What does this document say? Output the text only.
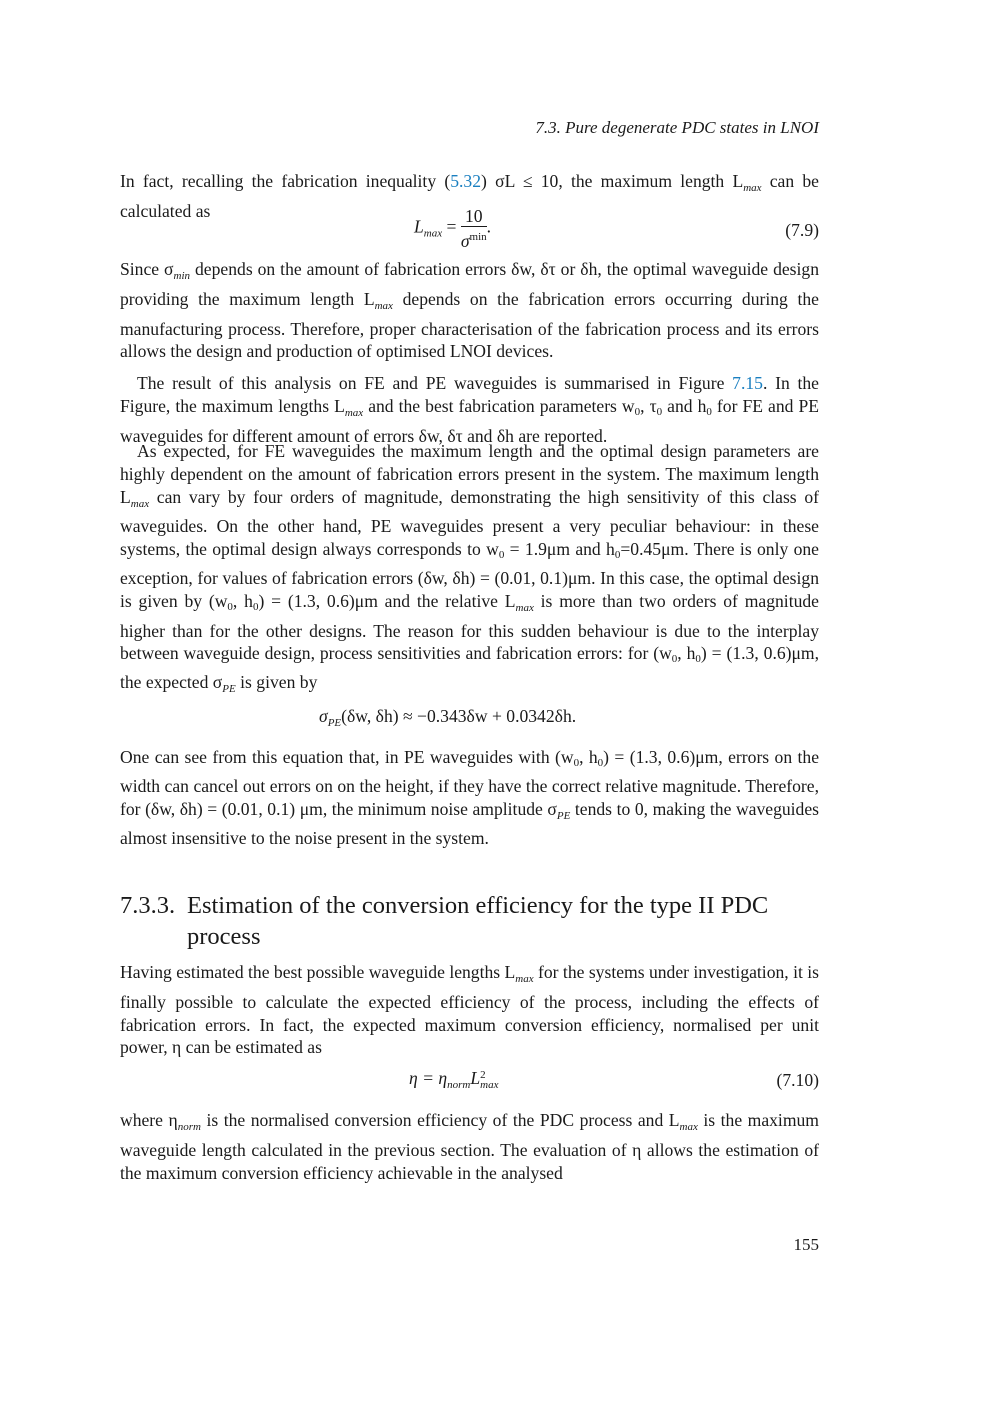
7.3. Pure degenerate PDC states in LNOI

In fact, recalling the fabrication inequality (5.32) σL ≤ 10, the maximum length $L_{max}$ can be calculated as

$L_{max} = \frac{10}{\sigma^{min}}$ .	(7.9)

Since $\sigma_{min}$ depends on the amount of fabrication errors δw, δτ or δh, the optimal waveguide design providing the maximum length $L_{max}$ depends on the fabrication errors occurring during the manufacturing process. Therefore, proper characterisation of the fabrication process and its errors allows the design and production of optimised LNOI devices.

The result of this analysis on FE and PE waveguides is summarised in Figure 7.15. In the Figure, the maximum lengths $L_{max}$ and the best fabrication parameters w0, τ0 and h0 for FE and PE waveguides for different amount of errors δw, δτ and δh are reported.

As expected, for FE waveguides the maximum length and the optimal design parameters are highly dependent on the amount of fabrication errors present in the system. The maximum length $L_{max}$ can vary by four orders of magnitude, demonstrating the high sensitivity of this class of waveguides. On the other hand, PE waveguides present a very peculiar behaviour: in these systems, the optimal design always corresponds to w0 = 1.9μm and h0=0.45μm. There is only one exception, for values of fabrication errors (δw, δh) = (0.01, 0.1)μm. In this case, the optimal design is given by (w0, h0) = (1.3, 0.6)μm and the relative $L_{max}$ is more than two orders of magnitude higher than for the other designs. The reason for this sudden behaviour is due to the interplay between waveguide design, process sensitivities and fabrication errors: for (w0, h0) = (1.3, 0.6)μm, the expected $\sigma_{PE}$ is given by

$\sigma_{PE}(\delta w$, δh) ≈ −0.343δw + 0.0342δh.

One can see from this equation that, in PE waveguides with (w0, h0) = (1.3, 0.6)μm, errors on the width can cancel out errors on on the height, if they have the correct relative magnitude. Therefore, for (δw, δh) = (0.01, 0.1) μm, the minimum noise amplitude $\sigma_{PE}$ tends to 0, making the waveguides almost insensitive to the noise present in the system.

7.3.3. Estimation of the conversion efficiency for the type II PDC process

Having estimated the best possible waveguide lengths $L_{max}$ for the systems under investigation, it is finally possible to calculate the expected efficiency of the process, including the effects of fabrication errors. In fact, the expected maximum conversion efficiency, normalised per unit power, η can be estimated as

$\eta = \eta_{norm}L$ 2
max	(7.10)

where $\eta_{norm}$ is the normalised conversion efficiency of the PDC process and $L_{max}$ is the maximum waveguide length calculated in the previous section. The evaluation of η allows the estimation of the maximum conversion efficiency achievable in the analysed

155
